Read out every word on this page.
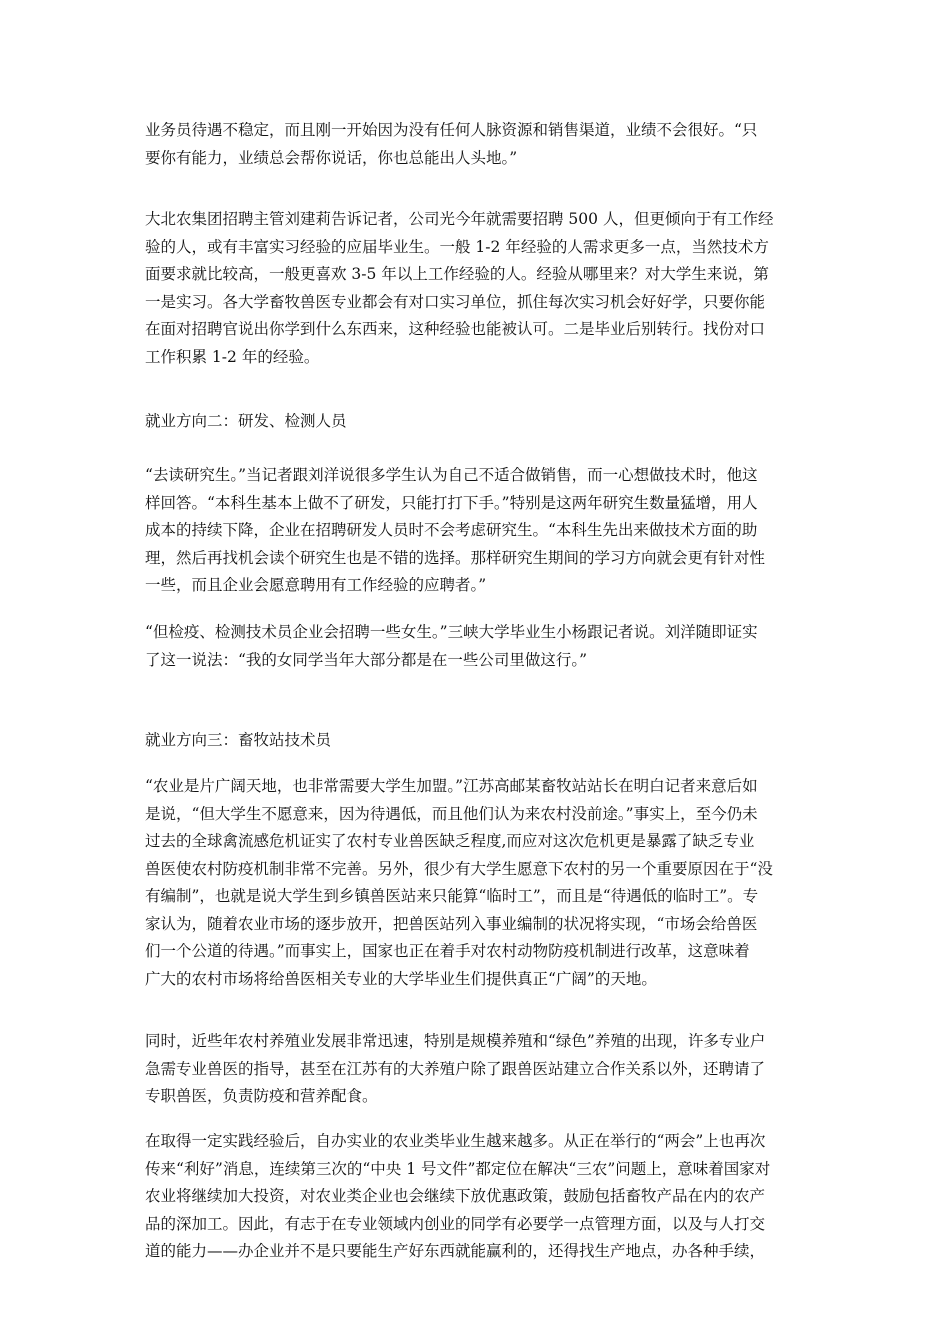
业务员待遇不稳定，而且刚一开始因为没有任何人脉资源和销售渠道，业绩不会很好。“只
要你有能力，业绩总会帮你说话，你也总能出人头地。”
大北农集团招聘主管刘建莉告诉记者，公司光今年就需要招聘 500 人，但更倾向于有工作经
验的人，或有丰富实习经验的应届毕业生。一般 1-2 年经验的人需求更多一点，当然技术方
面要求就比较高，一般更喜欢 3-5 年以上工作经验的人。经验从哪里来？对大学生来说，第
一是实习。各大学畜牧兽医专业都会有对口实习单位，抓住每次实习机会好好学，只要你能
在面对招聘官说出你学到什么东西来，这种经验也能被认可。二是毕业后别转行。找份对口
工作积累 1-2 年的经验。
就业方向二：研发、检测人员
“去读研究生。”当记者跟刘洋说很多学生认为自己不适合做销售，而一心想做技术时，他这
样回答。“本科生基本上做不了研发，只能打打下手。”特别是这两年研究生数量猛增，用人
成本的持续下降，企业在招聘研发人员时不会考虑研究生。“本科生先出来做技术方面的助
理，然后再找机会读个研究生也是不错的选择。那样研究生期间的学习方向就会更有针对性
一些，而且企业会愿意聘用有工作经验的应聘者。”
“但检疫、检测技术员企业会招聘一些女生。”三峡大学毕业生小杨跟记者说。刘洋随即证实
了这一说法：“我的女同学当年大部分都是在一些公司里做这行。”
就业方向三：畜牧站技术员
“农业是片广阔天地，也非常需要大学生加盟。”江苏高邮某畜牧站站长在明白记者来意后如
是说，“但大学生不愿意来，因为待遇低，而且他们认为来农村没前途。”事实上，至今仍未
过去的全球禽流感危机证实了农村专业兽医缺乏程度,而应对这次危机更是暴露了缺乏专业
兽医使农村防疫机制非常不完善。另外，很少有大学生愿意下农村的另一个重要原因在于“没
有编制”，也就是说大学生到乡镇兽医站来只能算“临时工”，而且是“待遇低的临时工”。专
家认为，随着农业市场的逐步放开，把兽医站列入事业编制的状况将实现，“市场会给兽医
们一个公道的待遇。”而事实上，国家也正在着手对农村动物防疫机制进行改革，这意味着
广大的农村市场将给兽医相关专业的大学毕业生们提供真正“广阔”的天地。
同时，近些年农村养殖业发展非常迅速，特别是规模养殖和“绿色”养殖的出现，许多专业户
急需专业兽医的指导，甚至在江苏有的大养殖户除了跟兽医站建立合作关系以外，还聘请了
专职兽医，负责防疫和营养配食。
在取得一定实践经验后，自办实业的农业类毕业生越来越多。从正在举行的“两会”上也再次
传来“利好”消息，连续第三次的“中央 1 号文件”都定位在解决“三农”问题上，意味着国家对
农业将继续加大投资，对农业类企业也会继续下放优惠政策，鼓励包括畜牧产品在内的农产
品的深加工。因此，有志于在专业领域内创业的同学有必要学一点管理方面，以及与人打交
道的能力——办企业并不是只要能生产好东西就能赢利的，还得找生产地点，办各种手续，
